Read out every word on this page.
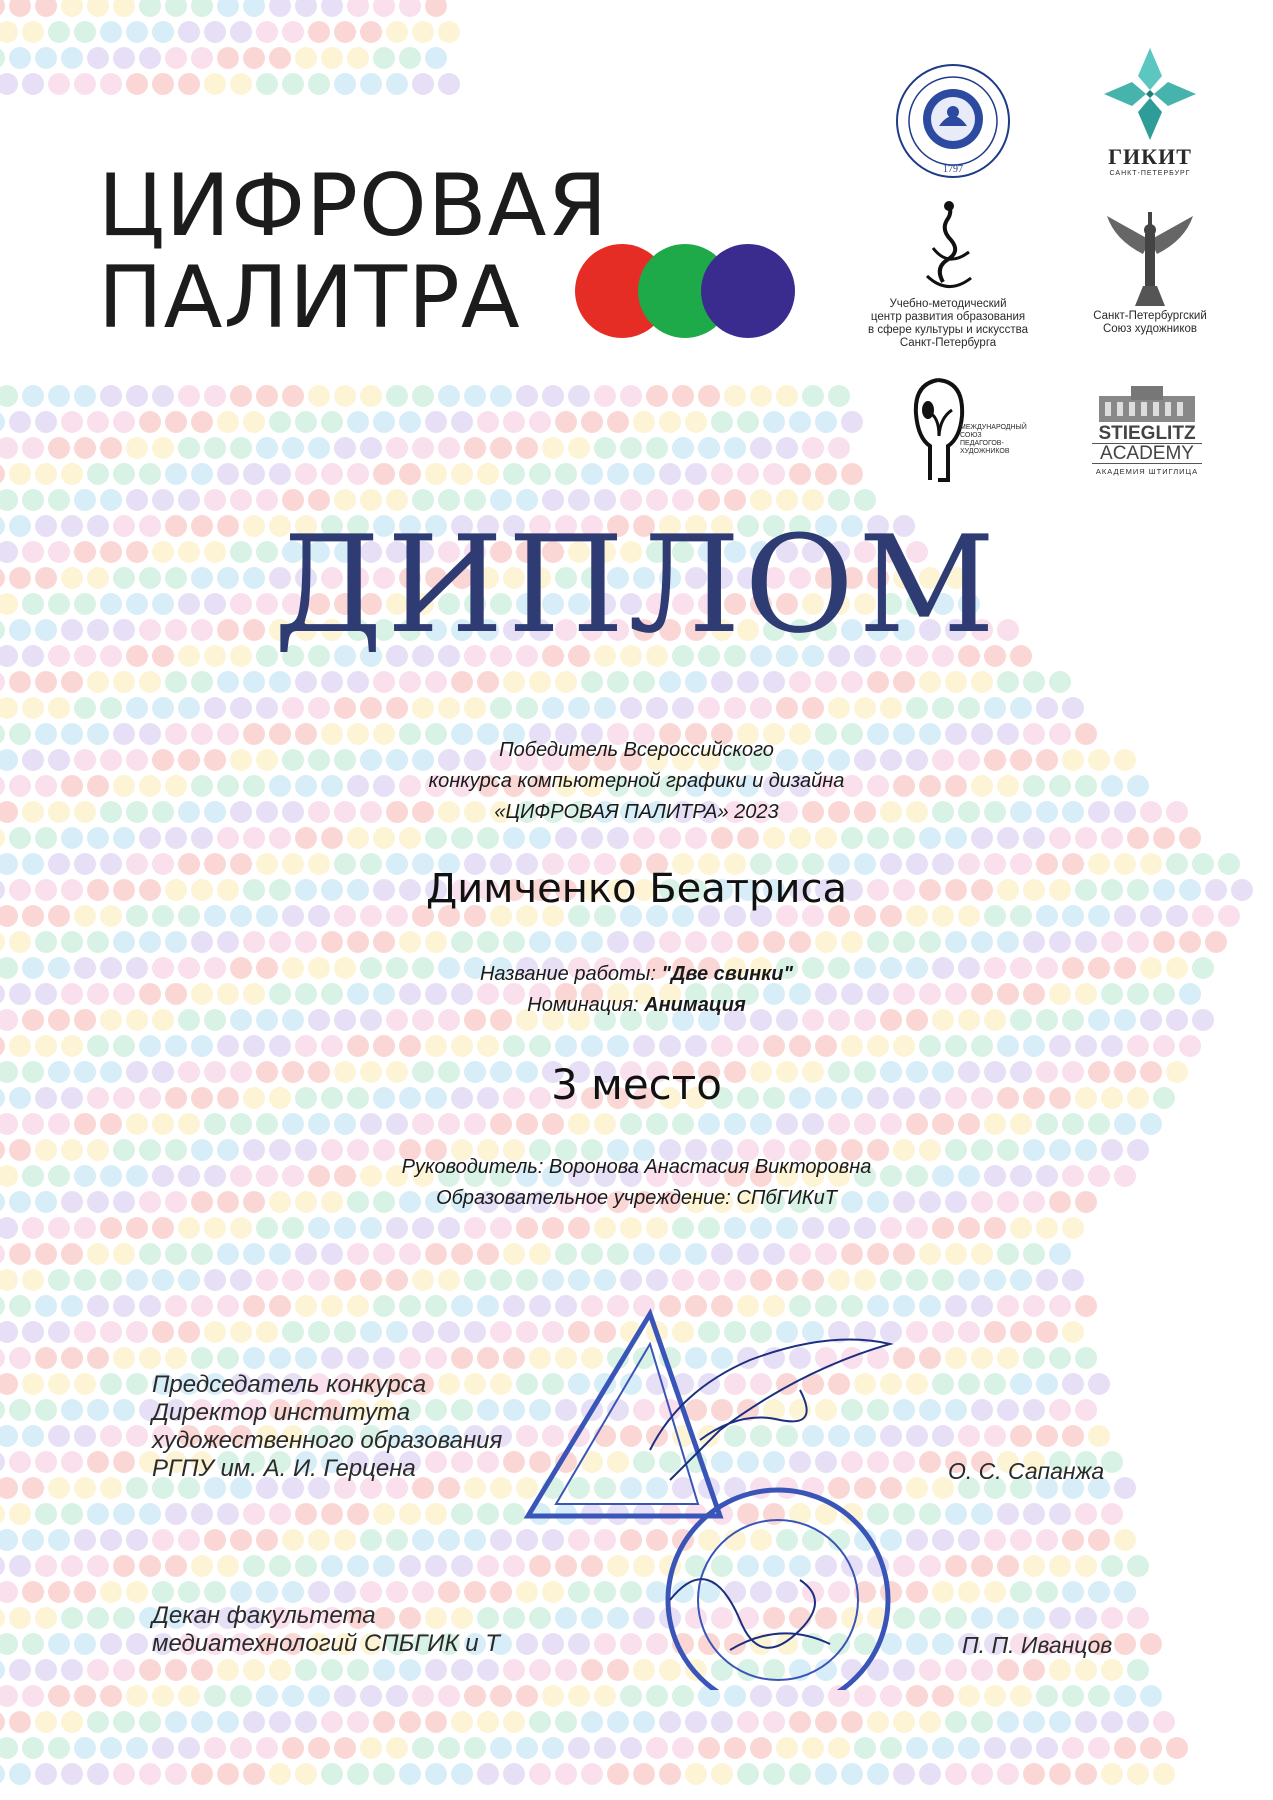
ЦИФРОВАЯ
ПАЛИТРА
1797
ГИКИТ
САНКТ-ПЕТЕРБУРГ
Учебно-методический
центр развития образования
в сфере культуры и искусства
Санкт-Петербурга
Санкт-Петербургский
Союз художников
МЕЖДУНАРОДНЫЙ
СОЮЗ
ПЕДАГОГОВ-
ХУДОЖНИКОВ
STIEGLITZ
ACADEMY
АКАДЕМИЯ ШТИГЛИЦА
ДИПЛОМ
Победитель Всероссийского
конкурса компьютерной графики и дизайна
«ЦИФРОВАЯ ПАЛИТРА» 2023
Димченко Беатриса
Название работы: "Две свинки"
Номинация: Анимация
3 место
Руководитель: Воронова Анастасия Викторовна
Образовательное учреждение: СПбГИКиТ
Председатель конкурса
Директор института
художественного образования
РГПУ им. А. И. Герцена	О. С. Сапанжа
Декан факультета
медиатехнологий СПБГИК и Т	П. П. Иванцов
